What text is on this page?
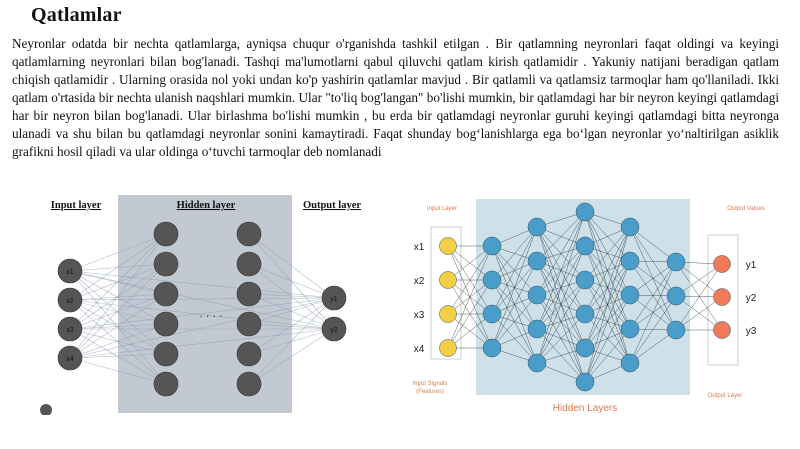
Qatlamlar
Neyronlar odatda bir nechta qatlamlarga, ayniqsa chuqur o'rganishda tashkil etilgan . Bir qatlamning neyronlari faqat oldingi va keyingi qatlamlarning neyronlari bilan bog'lanadi. Tashqi ma'lumotlarni qabul qiluvchi qatlam kirish qatlamidir . Yakuniy natijani beradigan qatlam chiqish qatlamidir . Ularning orasida nol yoki undan ko'p yashirin qatlamlar mavjud . Bir qatlamli va qatlamsiz tarmoqlar ham qo'llaniladi. Ikki qatlam o'rtasida bir nechta ulanish naqshlari mumkin. Ular "to'liq bog'langan" bo'lishi mumkin, bir qatlamdagi har bir neyron keyingi qatlamdagi har bir neyron bilan bog'lanadi. Ular birlashma bo'lishi mumkin , bu erda bir qatlamdagi neyronlar guruhi keyingi qatlamdagi bitta neyronga ulanadi va shu bilan bu qatlamdagi neyronlar sonini kamaytiradi. Faqat shunday bog‘lanishlarga ega bo‘lgan neyronlar yo‘naltirilgan asiklik grafikni hosil qiladi va ular oldinga o‘tuvchi tarmoqlar deb nomlanadi
x1
x2
x3
x4
y1
y2
Input layer	Hidden layer	Output layer
. . . .
x1
x2
x3
x4
y1
y2
y3
Input Layer	Output Values
Hidden Layers
Input Signals
(Features)
Output Layer
